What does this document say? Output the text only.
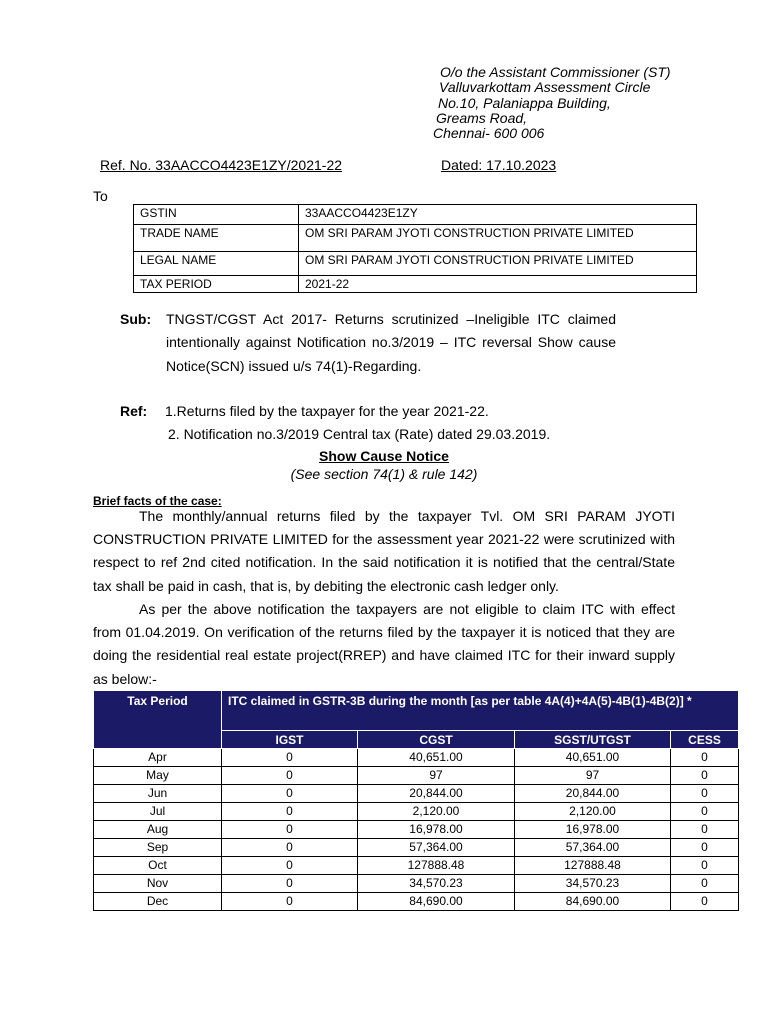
O/o the Assistant Commissioner (ST)
Valluvarkottam Assessment Circle
No.10, Palaniappa Building,
Greams Road,
Chennai- 600 006
Ref. No. 33AACCO4423E1ZY/2021-22	Dated: 17.10.2023
To
GSTIN	33AACCO4423E1ZY
TRADE NAME	OM SRI PARAM JYOTI CONSTRUCTION PRIVATE LIMITED
LEGAL NAME	OM SRI PARAM JYOTI CONSTRUCTION PRIVATE LIMITED
TAX PERIOD	2021-22
Sub: TNGST/CGST Act 2017- Returns scrutinized –Ineligible ITC claimed intentionally against Notification no.3/2019 – ITC reversal Show cause Notice(SCN) issued u/s 74(1)-Regarding.
Ref: 1.Returns filed by the taxpayer for the year 2021-22.
2. Notification no.3/2019 Central tax (Rate) dated 29.03.2019.
Show Cause Notice
(See section 74(1) & rule 142)
Brief facts of the case:
The monthly/annual returns filed by the taxpayer Tvl. OM SRI PARAM JYOTI CONSTRUCTION PRIVATE LIMITED for the assessment year 2021-22 were scrutinized with respect to ref 2nd cited notification. In the said notification it is notified that the central/State tax shall be paid in cash, that is, by debiting the electronic cash ledger only.
As per the above notification the taxpayers are not eligible to claim ITC with effect from 01.04.2019. On verification of the returns filed by the taxpayer it is noticed that they are doing the residential real estate project(RREP) and have claimed ITC for their inward supply as below:-
Tax Period	ITC claimed in GSTR-3B during the month [as per table 4A(4)+4A(5)-4B(1)-4B(2)] *			
	IGST	CGST	SGST/UTGST	CESS
Apr	0	40,651.00	40,651.00	0
May	0	97	97	0
Jun	0	20,844.00	20,844.00	0
Jul	0	2,120.00	2,120.00	0
Aug	0	16,978.00	16,978.00	0
Sep	0	57,364.00	57,364.00	0
Oct	0	127888.48	127888.48	0
Nov	0	34,570.23	34,570.23	0
Dec	0	84,690.00	84,690.00	0
